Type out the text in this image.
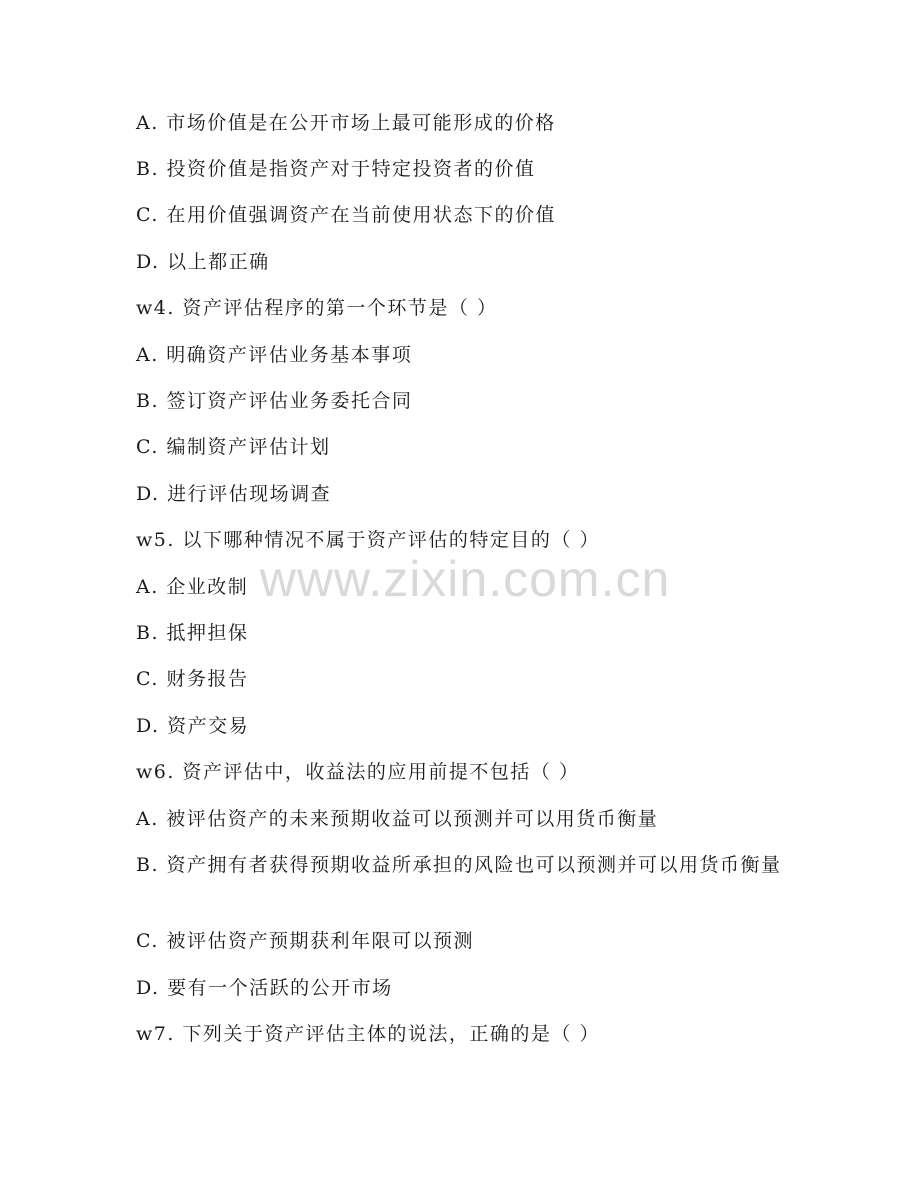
A. 市场价值是在公开市场上最可能形成的价格
B. 投资价值是指资产对于特定投资者的价值
C. 在用价值强调资产在当前使用状态下的价值
D. 以上都正确
w4. 资产评估程序的第一个环节是（ ）
A. 明确资产评估业务基本事项
B. 签订资产评估业务委托合同
C. 编制资产评估计划
D. 进行评估现场调查
w5. 以下哪种情况不属于资产评估的特定目的（ ）
A. 企业改制
B. 抵押担保
C. 财务报告
D. 资产交易
w6. 资产评估中，收益法的应用前提不包括（ ）
A. 被评估资产的未来预期收益可以预测并可以用货币衡量
B. 资产拥有者获得预期收益所承担的风险也可以预测并可以用货币衡量
C. 被评估资产预期获利年限可以预测
D. 要有一个活跃的公开市场
w7. 下列关于资产评估主体的说法，正确的是（ ）
www.zixin.com.cn
